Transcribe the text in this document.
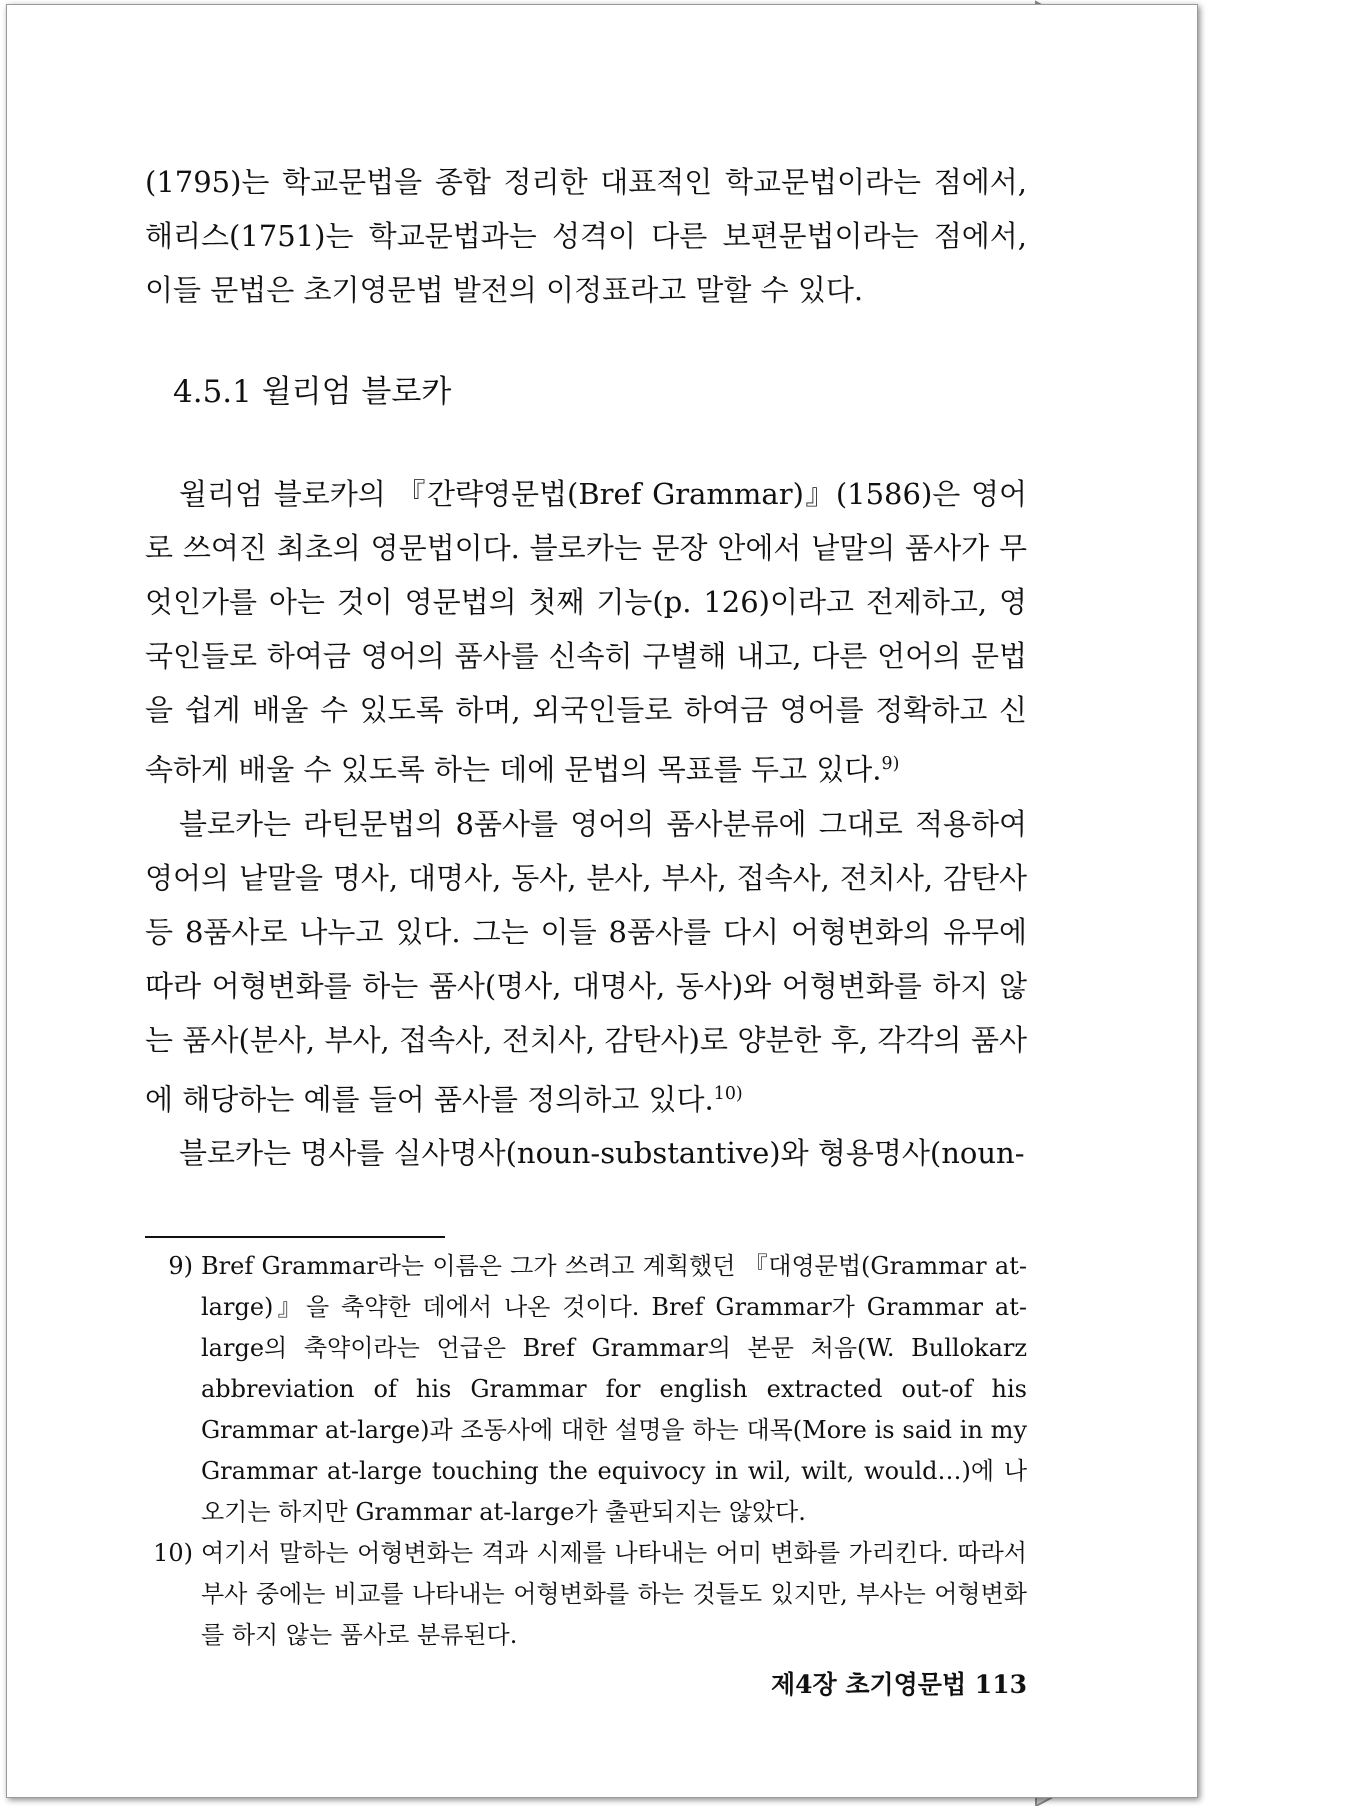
(1795)는 학교문법을 종합 정리한 대표적인 학교문법이라는 점에서, 해리스(1751)는 학교문법과는 성격이 다른 보편문법이라는 점에서, 이들 문법은 초기영문법 발전의 이정표라고 말할 수 있다.

4.5.1 윌리엄 블로카

윌리엄 블로카의 『간략영문법(Bref Grammar)』(1586)은 영어로 쓰여진 최초의 영문법이다. 블로카는 문장 안에서 낱말의 품사가 무엇인가를 아는 것이 영문법의 첫째 기능(p. 126)이라고 전제하고, 영국인들로 하여금 영어의 품사를 신속히 구별해 내고, 다른 언어의 문법을 쉽게 배울 수 있도록 하며, 외국인들로 하여금 영어를 정확하고 신속하게 배울 수 있도록 하는 데에 문법의 목표를 두고 있다.$^{9)}$

블로카는 라틴문법의 8품사를 영어의 품사분류에 그대로 적용하여 영어의 낱말을 명사, 대명사, 동사, 분사, 부사, 접속사, 전치사, 감탄사 등 8품사로 나누고 있다. 그는 이들 8품사를 다시 어형변화의 유무에 따라 어형변화를 하는 품사(명사, 대명사, 동사)와 어형변화를 하지 않는 품사(분사, 부사, 접속사, 전치사, 감탄사)로 양분한 후, 각각의 품사에 해당하는 예를 들어 품사를 정의하고 있다.$^{10)}$

블로카는 명사를 실사명사(noun-substantive)와 형용명사(noun-

9) Bref Grammar라는 이름은 그가 쓰려고 계획했던 『대영문법(Grammar at-large)』을 축약한 데에서 나온 것이다. Bref Grammar가 Grammar at-large의 축약이라는 언급은 Bref Grammar의 본문 처음(W. Bullokarz abbreviation of his Grammar for english extracted out-of his Grammar at-large)과 조동사에 대한 설명을 하는 대목(More is said in my Grammar at-large touching the equivocy in wil, wilt, would…)에 나오기는 하지만 Grammar at-large가 출판되지는 않았다.
10) 여기서 말하는 어형변화는 격과 시제를 나타내는 어미 변화를 가리킨다. 따라서 부사 중에는 비교를 나타내는 어형변화를 하는 것들도 있지만, 부사는 어형변화를 하지 않는 품사로 분류된다.
제4장 초기영문법 113
